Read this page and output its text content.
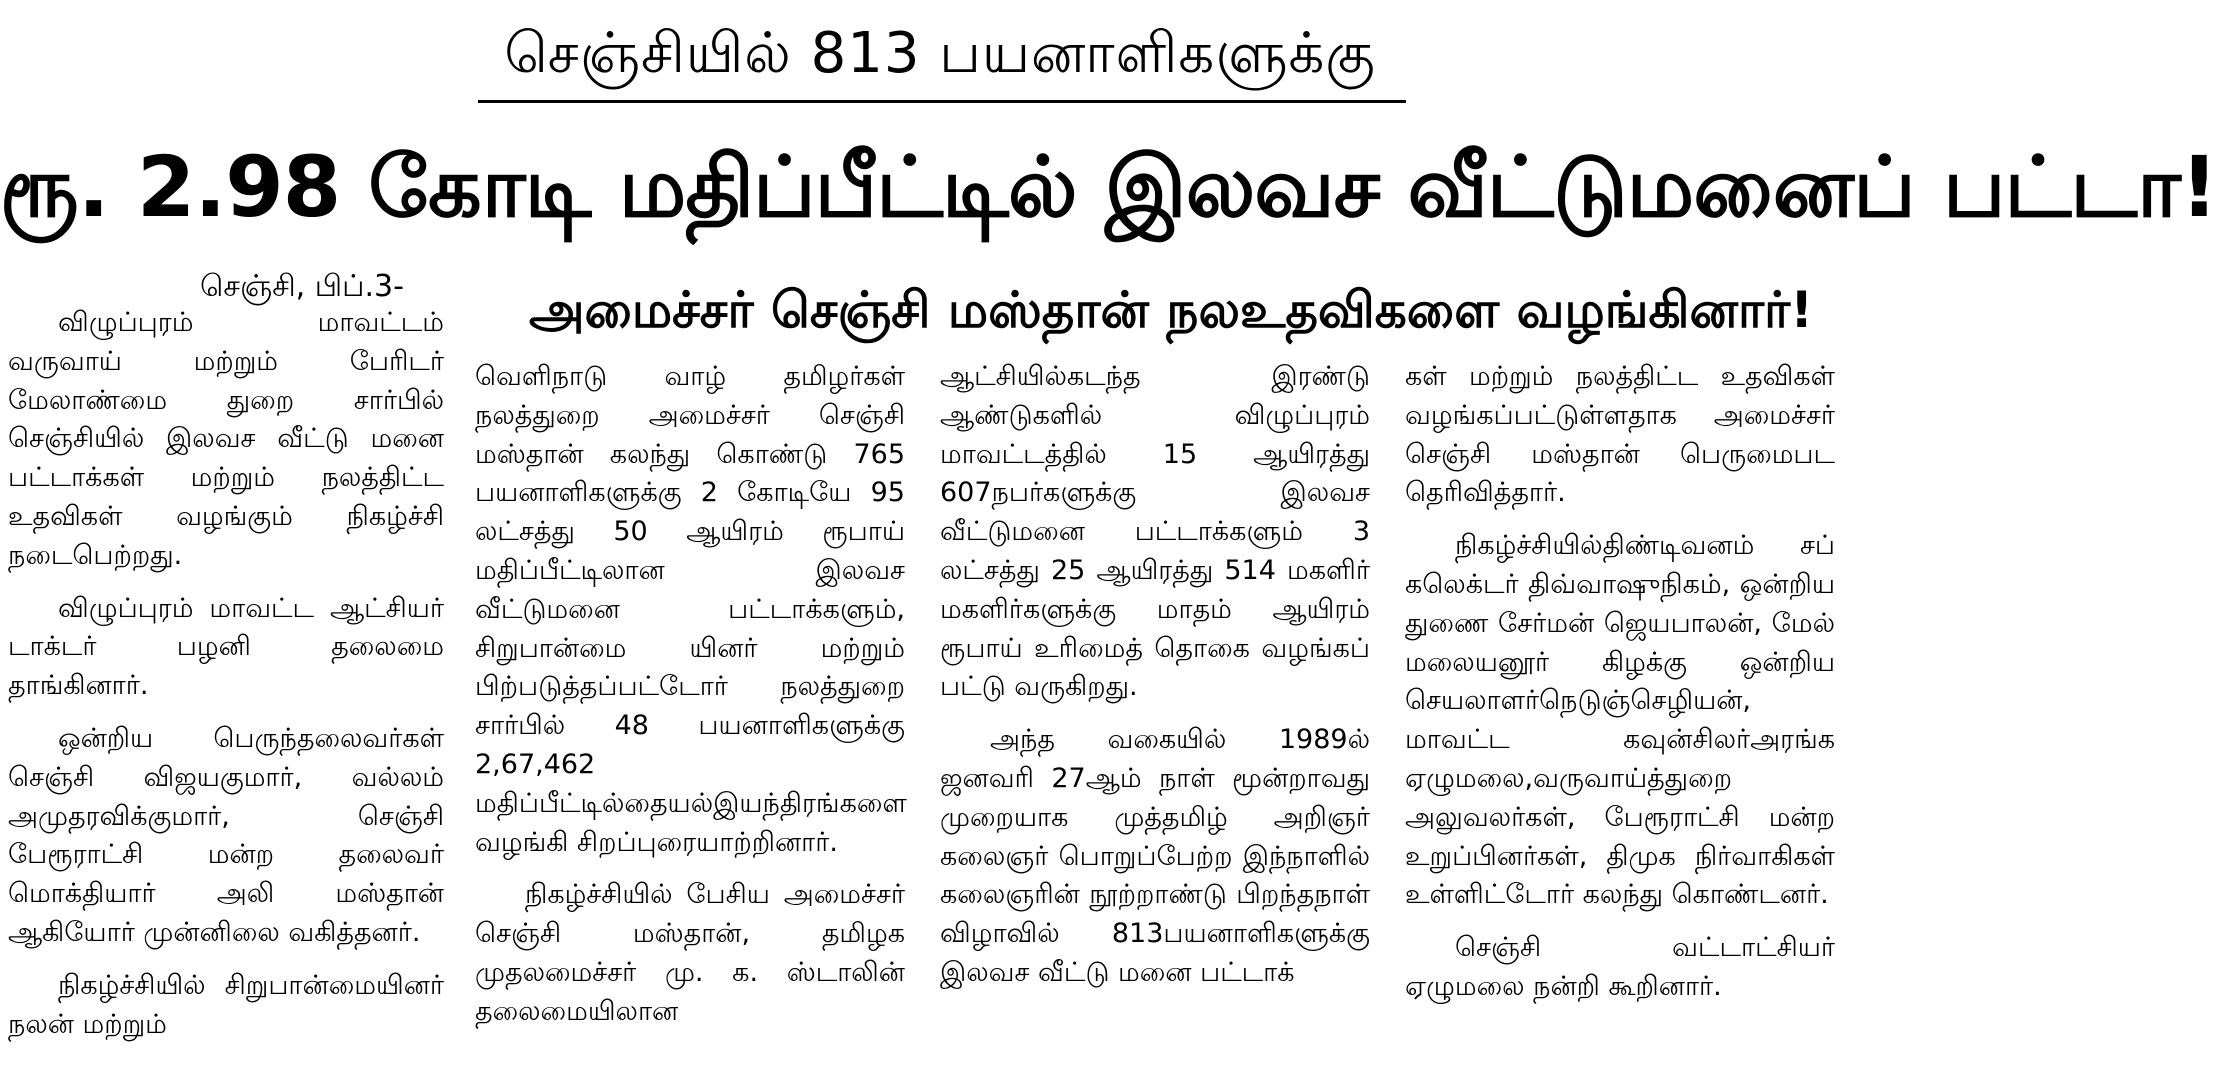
செஞ்சியில் 813 பயனாளிகளுக்கு
ரூ. 2.98 கோடி மதிப்பீட்டில் இலவச வீட்டுமனைப் பட்டா!
செஞ்சி, பிப்.3-	அமைச்சர் செஞ்சி மஸ்தான் நலஉதவிகளை வழங்கினார்!

விழுப்புரம் மாவட்டம் வருவாய் மற்றும் பேரிடர் மேலாண்மை துறை சார்பில் செஞ்சியில் இலவச வீட்டு மனை பட்டாக்கள் மற்றும் நலத்திட்ட உதவிகள் வழங்கும் நிகழ்ச்சி நடைபெற்றது.

விழுப்புரம் மாவட்ட ஆட்சியர் டாக்டர் பழனி தலைமை தாங்கினார்.

ஒன்றிய பெருந்தலைவர்கள் செஞ்சி விஜயகுமார், வல்லம் அமுதரவிக்குமார், செஞ்சி பேரூராட்சி மன்ற தலைவர் மொக்தியார் அலி மஸ்தான் ஆகியோர் முன்னிலை வகித்தனர்.

நிகழ்ச்சியில் சிறுபான்மையினர் நலன் மற்றும்

வெளிநாடு வாழ் தமிழர்கள் நலத்துறை அமைச்சர் செஞ்சி மஸ்தான் கலந்து கொண்டு 765 பயனாளிகளுக்கு 2 கோடியே 95 லட்சத்து 50 ஆயிரம் ரூபாய் மதிப்பீட்டிலான இலவச வீட்டுமனை பட்டாக்களும், சிறுபான்மை யினர் மற்றும் பிற்படுத்தப்பட்டோர் நலத்துறை சார்பில் 48 பயனாளிகளுக்கு 2,67,462 மதிப்பீட்டில்தையல்இயந்திரங்களை வழங்கி சிறப்புரையாற்றினார்.

நிகழ்ச்சியில் பேசிய அமைச்சர் செஞ்சி மஸ்தான், தமிழக முதலமைச்சர் மு. க. ஸ்டாலின் தலைமையிலான

ஆட்சியில்கடந்த இரண்டு ஆண்டுகளில் விழுப்புரம் மாவட்டத்தில் 15 ஆயிரத்து 607நபர்களுக்கு இலவச வீட்டுமனை பட்டாக்களும் 3 லட்சத்து 25 ஆயிரத்து 514 மகளிர் மகளிர்களுக்கு மாதம் ஆயிரம் ரூபாய் உரிமைத் தொகை வழங்கப் பட்டு வருகிறது.

அந்த வகையில் 1989ல் ஜனவரி 27ஆம் நாள் மூன்றாவது முறையாக முத்தமிழ் அறிஞர் கலைஞர் பொறுப்பேற்ற இந்நாளில் கலைஞரின் நூற்றாண்டு பிறந்தநாள் விழாவில் 813பயனாளிகளுக்கு இலவச வீட்டு மனை பட்டாக்

கள் மற்றும் நலத்திட்ட உதவிகள் வழங்கப்பட்டுள்ளதாக அமைச்சர் செஞ்சி மஸ்தான் பெருமைபட தெரிவித்தார்.

நிகழ்ச்சியில்திண்டிவனம் சப் கலெக்டர் திவ்வாஷுநிகம், ஒன்றிய துணை சேர்மன் ஜெயபாலன், மேல் மலையனூர் கிழக்கு ஒன்றிய செயலாளர்நெடுஞ்செழியன், மாவட்ட கவுன்சிலர்அரங்க ஏழுமலை,வருவாய்த்துறை அலுவலர்கள், பேரூராட்சி மன்ற உறுப்பினர்கள், திமுக நிர்வாகிகள் உள்ளிட்டோர் கலந்து கொண்டனர்.

செஞ்சி வட்டாட்சியர் ஏழுமலை நன்றி கூறினார்.
